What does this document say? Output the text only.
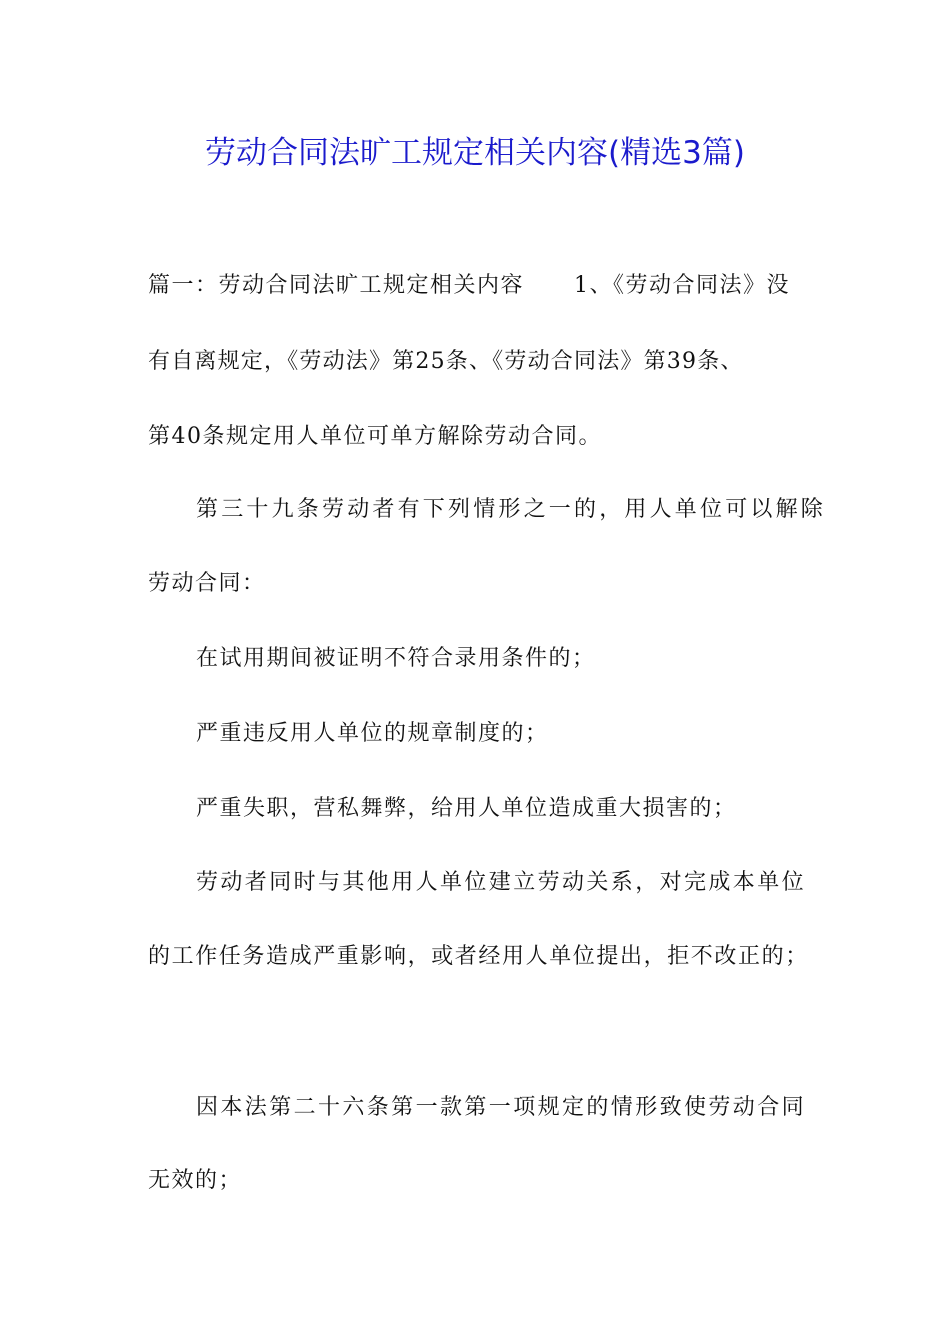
劳动合同法旷工规定相关内容(精选3篇)

篇一：劳动合同法旷工规定相关内容 1、《劳动合同法》没

有自离规定，《劳动法》第25条、《劳动合同法》第39条、

第40条规定用人单位可单方解除劳动合同。

第三十九条劳动者有下列情形之一的，用人单位可以解除

劳动合同：

在试用期间被证明不符合录用条件的；

严重违反用人单位的规章制度的；

严重失职，营私舞弊，给用人单位造成重大损害的；

劳动者同时与其他用人单位建立劳动关系，对完成本单位

的工作任务造成严重影响，或者经用人单位提出，拒不改正的；

因本法第二十六条第一款第一项规定的情形致使劳动合同

无效的；
